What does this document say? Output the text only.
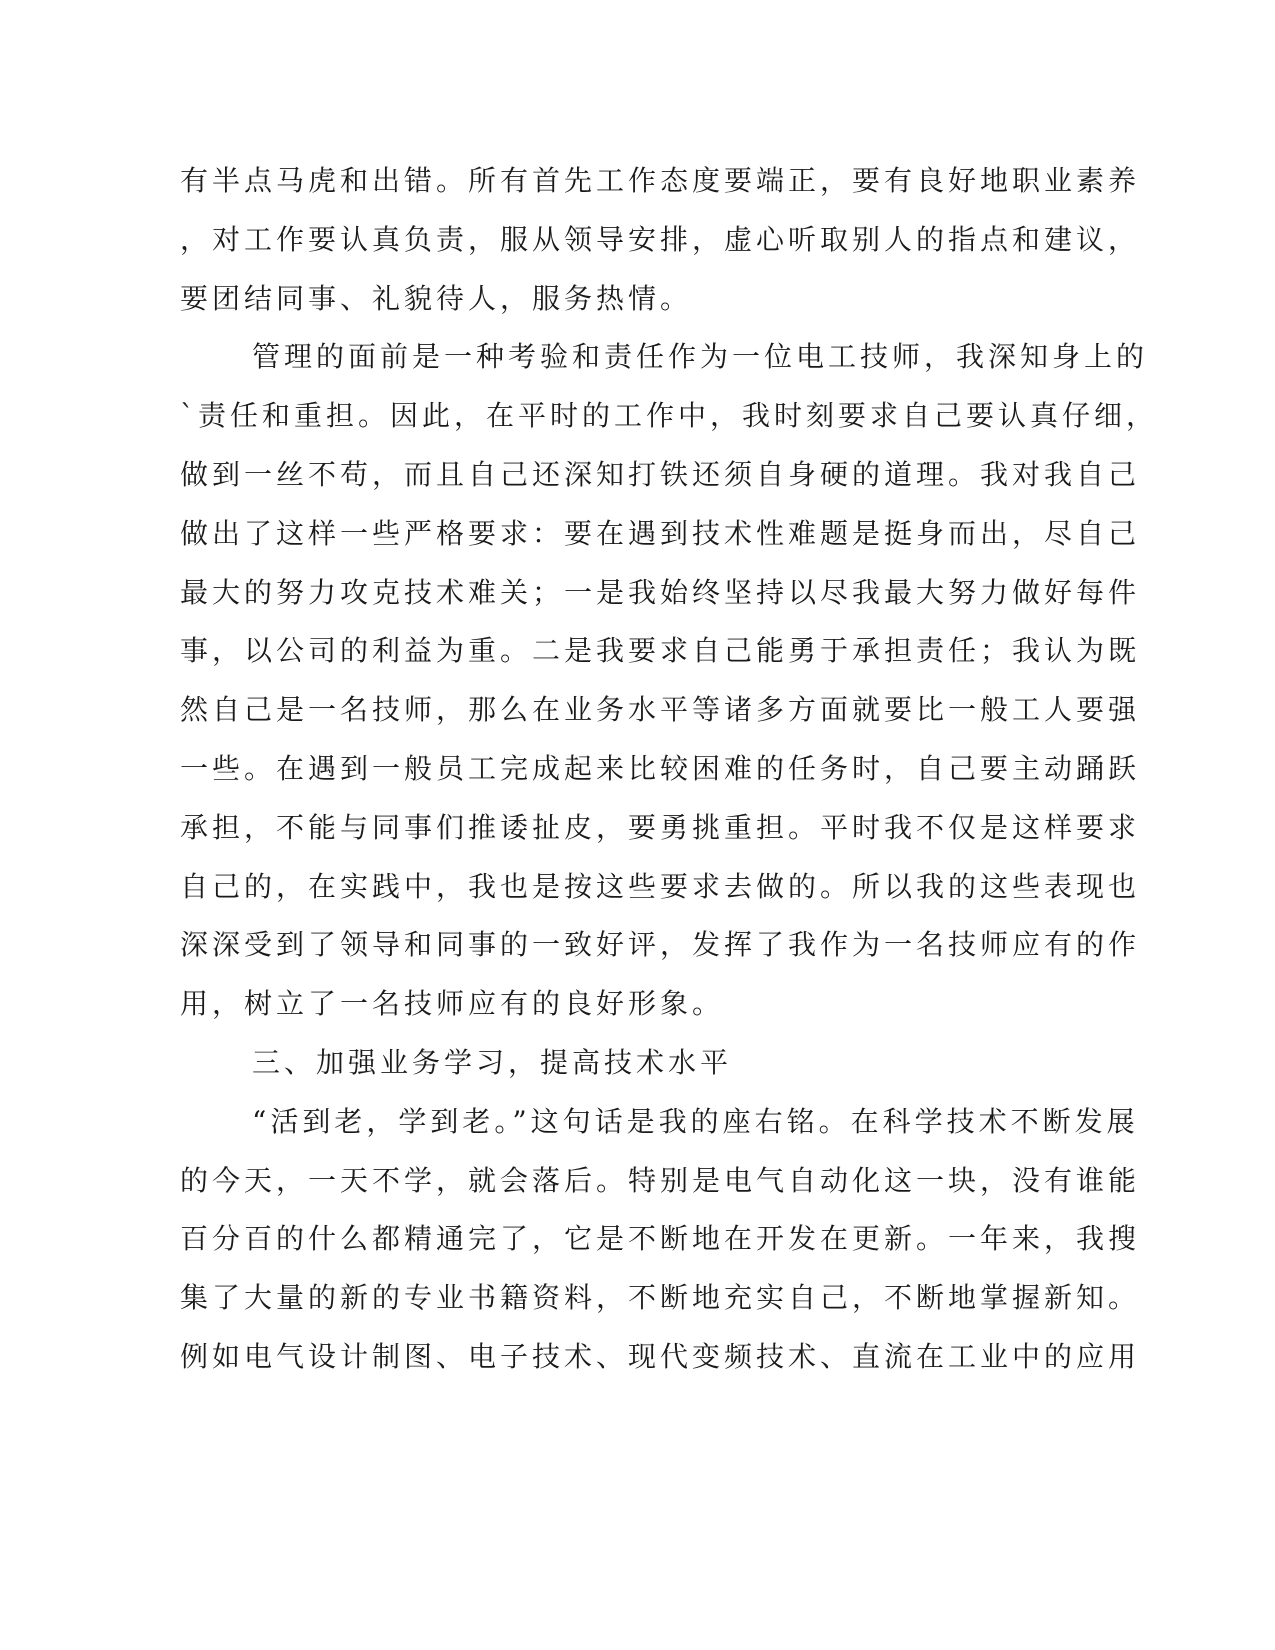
有半点马虎和出错。所有首先工作态度要端正，要有良好地职业素养

，对工作要认真负责，服从领导安排，虚心听取别人的指点和建议，

要团结同事、礼貌待人，服务热情。

管理的面前是一种考验和责任作为一位电工技师，我深知身上的

`责任和重担。因此，在平时的工作中，我时刻要求自己要认真仔细，

做到一丝不苟，而且自己还深知打铁还须自身硬的道理。我对我自己

做出了这样一些严格要求：要在遇到技术性难题是挺身而出，尽自己

最大的努力攻克技术难关；一是我始终坚持以尽我最大努力做好每件

事，以公司的利益为重。二是我要求自己能勇于承担责任；我认为既

然自己是一名技师，那么在业务水平等诸多方面就要比一般工人要强

一些。在遇到一般员工完成起来比较困难的任务时，自己要主动踊跃

承担，不能与同事们推诿扯皮，要勇挑重担。平时我不仅是这样要求

自己的，在实践中，我也是按这些要求去做的。所以我的这些表现也

深深受到了领导和同事的一致好评，发挥了我作为一名技师应有的作

用，树立了一名技师应有的良好形象。

三、加强业务学习，提高技术水平

“活到老，学到老。”这句话是我的座右铭。在科学技术不断发展

的今天，一天不学，就会落后。特别是电气自动化这一块，没有谁能

百分百的什么都精通完了，它是不断地在开发在更新。一年来，我搜

集了大量的新的专业书籍资料，不断地充实自己，不断地掌握新知。

例如电气设计制图、电子技术、现代变频技术、直流在工业中的应用
